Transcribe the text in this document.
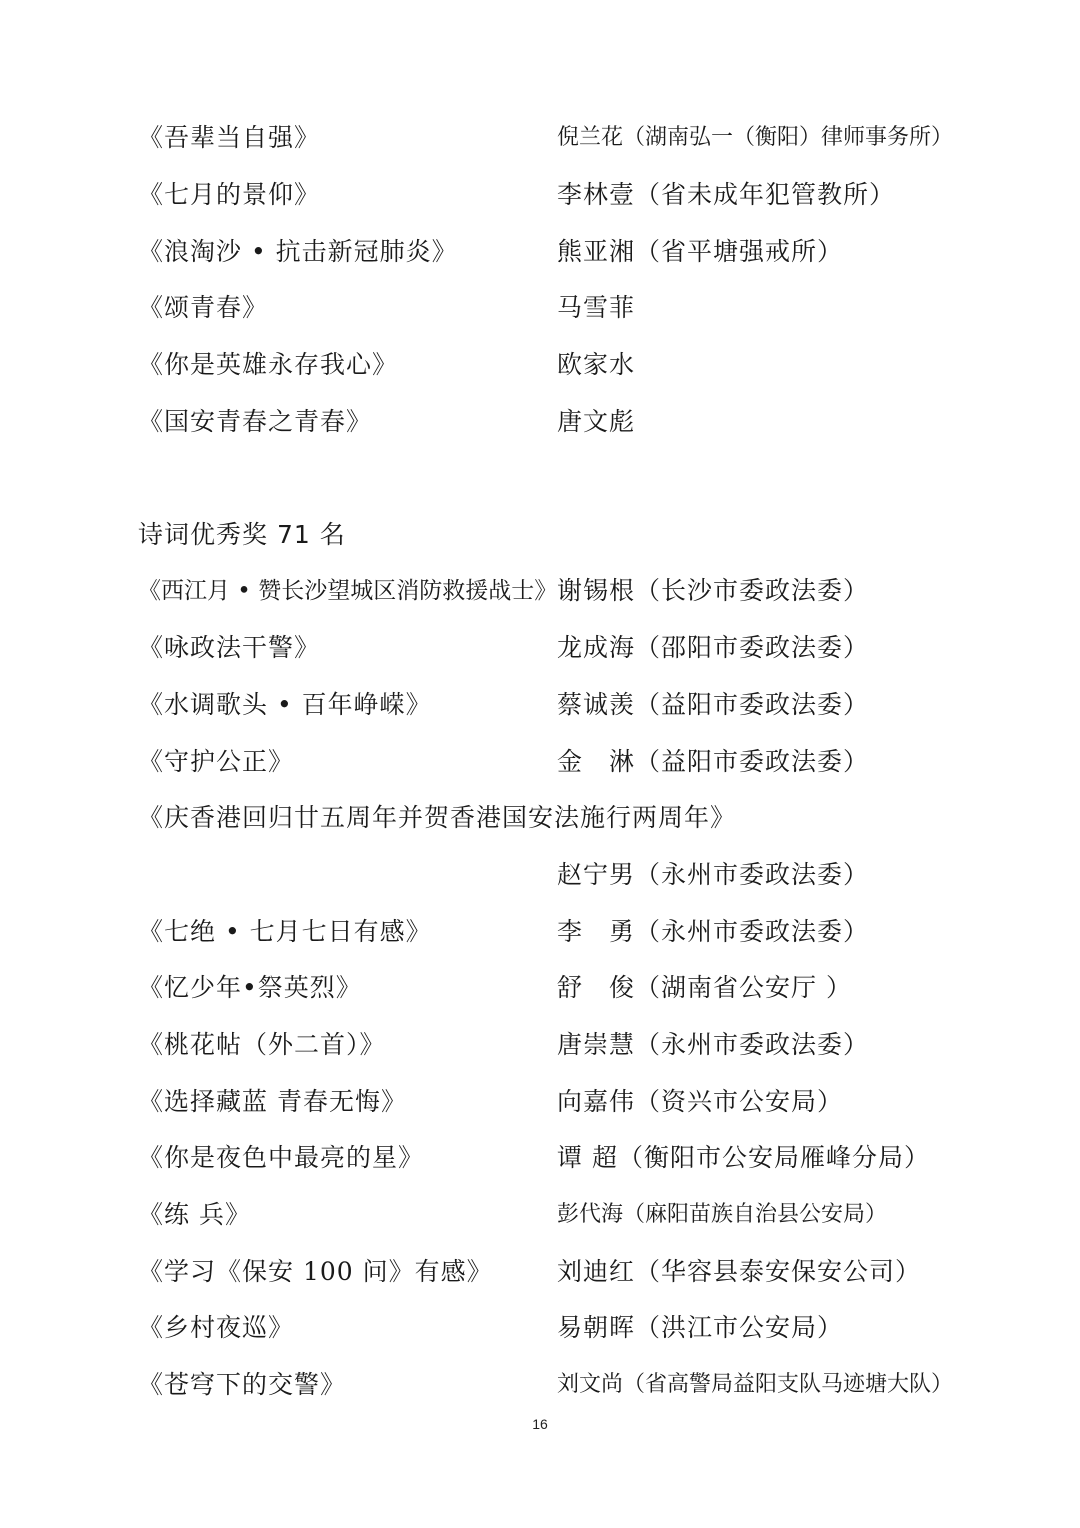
《吾辈当自强》	倪兰花（湖南弘一（衡阳）律师事务所）
《七月的景仰》	李林壹（省未成年犯管教所）
《浪淘沙 • 抗击新冠肺炎》	熊亚湘（省平塘强戒所）
《颂青春》	马雪菲
《你是英雄永存我心》	欧家水
《国安青春之青春》	唐文彪
诗词优秀奖 71 名
《西江月 • 赞长沙望城区消防救援战士》 谢锡根（长沙市委政法委）
《咏政法干警》	龙成海（邵阳市委政法委）
《水调歌头 • 百年峥嵘》	蔡诚羡（益阳市委政法委）
《守护公正》	金　淋（益阳市委政法委）
《庆香港回归廿五周年并贺香港国安法施行两周年》
赵宁男（永州市委政法委）
《七绝 • 七月七日有感》	李　勇（永州市委政法委）
《忆少年•祭英烈》	舒　俊（湖南省公安厅 ）
《桃花帖（外二首）》	唐崇慧（永州市委政法委）
《选择藏蓝 青春无悔》	向嘉伟（资兴市公安局）
《你是夜色中最亮的星》	谭 超（衡阳市公安局雁峰分局）
《练 兵》	彭代海（麻阳苗族自治县公安局）
《学习《保安 100 问》有感》	刘迪红（华容县泰安保安公司）
《乡村夜巡》	易朝晖（洪江市公安局）
《苍穹下的交警》	刘文尚（省高警局益阳支队马迹塘大队）
16
